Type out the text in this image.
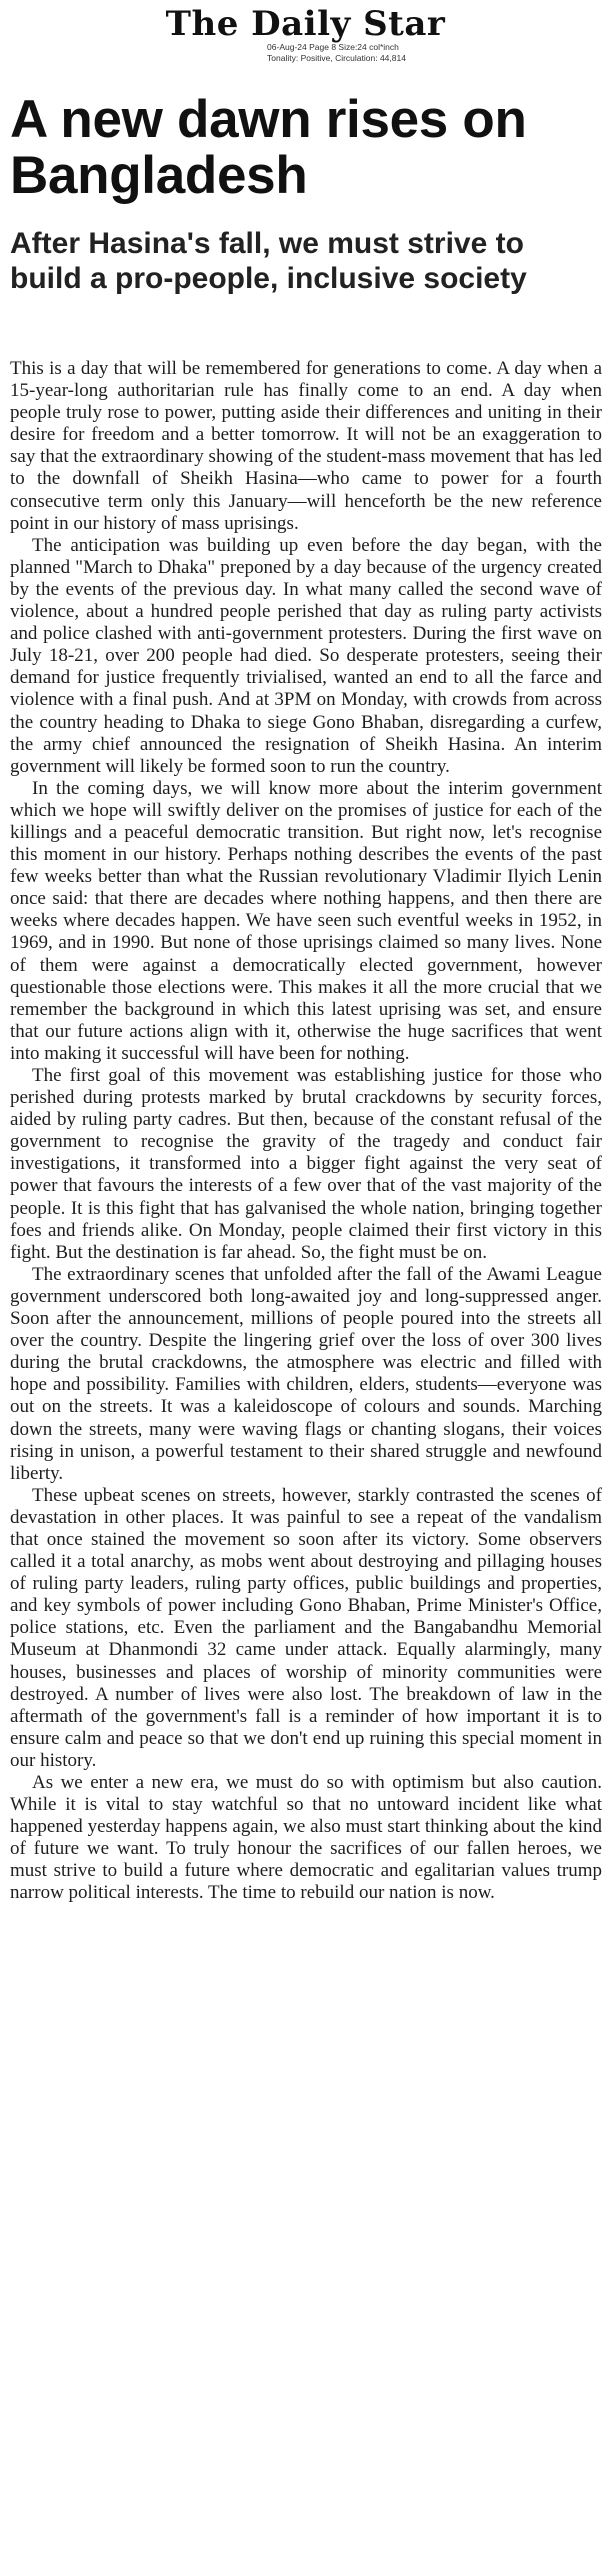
The Daily Star
06-Aug-24 Page 8 Size:24 col*inch
Tonality: Positive, Circulation: 44,814
A new dawn rises on Bangladesh
After Hasina's fall, we must strive to build a pro-people, inclusive society

This is a day that will be remembered for generations to come. A day when a 15-year-long authoritarian rule has finally come to an end. A day when people truly rose to power, putting aside their differences and uniting in their desire for freedom and a better tomorrow. It will not be an exaggeration to say that the extraordinary showing of the student-mass movement that has led to the downfall of Sheikh Hasina—who came to power for a fourth consecutive term only this January—will henceforth be the new reference point in our history of mass uprisings.

The anticipation was building up even before the day began, with the planned "March to Dhaka" preponed by a day because of the urgency created by the events of the previous day. In what many called the second wave of violence, about a hundred people perished that day as ruling party activists and police clashed with anti-government protesters. During the first wave on July 18-21, over 200 people had died. So desperate protesters, seeing their demand for justice frequently trivialised, wanted an end to all the farce and violence with a final push. And at 3PM on Monday, with crowds from across the country heading to Dhaka to siege Gono Bhaban, disregarding a curfew, the army chief announced the resignation of Sheikh Hasina. An interim government will likely be formed soon to run the country.

In the coming days, we will know more about the interim government which we hope will swiftly deliver on the promises of justice for each of the killings and a peaceful democratic transition. But right now, let's recognise this moment in our history. Perhaps nothing describes the events of the past few weeks better than what the Russian revolutionary Vladimir Ilyich Lenin once said: that there are decades where nothing happens, and then there are weeks where decades happen. We have seen such eventful weeks in 1952, in 1969, and in 1990. But none of those uprisings claimed so many lives. None of them were against a democratically elected government, however questionable those elections were. This makes it all the more crucial that we remember the background in which this latest uprising was set, and ensure that our future actions align with it, otherwise the huge sacrifices that went into making it successful will have been for nothing.

The first goal of this movement was establishing justice for those who perished during protests marked by brutal crackdowns by security forces, aided by ruling party cadres. But then, because of the constant refusal of the government to recognise the gravity of the tragedy and conduct fair investigations, it transformed into a bigger fight against the very seat of power that favours the interests of a few over that of the vast majority of the people. It is this fight that has galvanised the whole nation, bringing together foes and friends alike. On Monday, people claimed their first victory in this fight. But the destination is far ahead. So, the fight must be on.

The extraordinary scenes that unfolded after the fall of the Awami League government underscored both long-awaited joy and long-suppressed anger. Soon after the announcement, millions of people poured into the streets all over the country. Despite the lingering grief over the loss of over 300 lives during the brutal crackdowns, the atmosphere was electric and filled with hope and possibility. Families with children, elders, students—everyone was out on the streets. It was a kaleidoscope of colours and sounds. Marching down the streets, many were waving flags or chanting slogans, their voices rising in unison, a powerful testament to their shared struggle and newfound liberty.

These upbeat scenes on streets, however, starkly contrasted the scenes of devastation in other places. It was painful to see a repeat of the vandalism that once stained the movement so soon after its victory. Some observers called it a total anarchy, as mobs went about destroying and pillaging houses of ruling party leaders, ruling party offices, public buildings and properties, and key symbols of power including Gono Bhaban, Prime Minister's Office, police stations, etc. Even the parliament and the Bangabandhu Memorial Museum at Dhanmondi 32 came under attack. Equally alarmingly, many houses, businesses and places of worship of minority communities were destroyed. A number of lives were also lost. The breakdown of law in the aftermath of the government's fall is a reminder of how important it is to ensure calm and peace so that we don't end up ruining this special moment in our history.

As we enter a new era, we must do so with optimism but also caution. While it is vital to stay watchful so that no untoward incident like what happened yesterday happens again, we also must start thinking about the kind of future we want. To truly honour the sacrifices of our fallen heroes, we must strive to build a future where democratic and egalitarian values trump narrow political interests. The time to rebuild our nation is now.
